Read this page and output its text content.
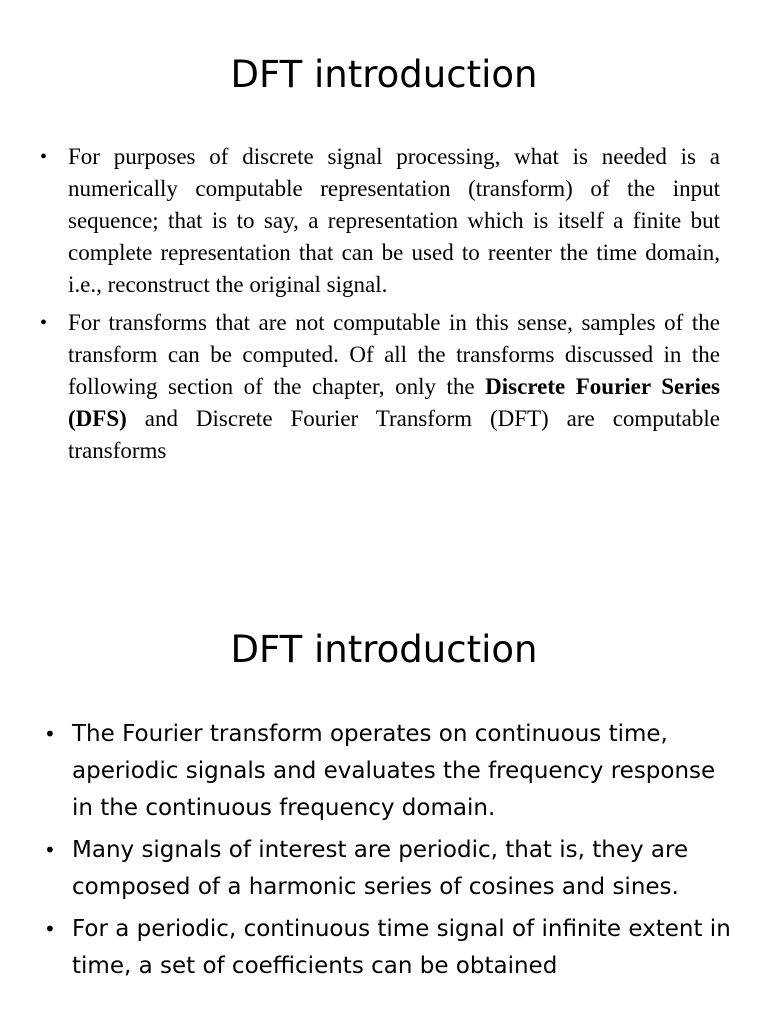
DFT introduction
• For purposes of discrete signal processing, what is needed is a numerically computable representation (transform) of the input sequence; that is to say, a representation which is itself a finite but complete representation that can be used to reenter the time domain, i.e., reconstruct the original signal.
• For transforms that are not computable in this sense, samples of the transform can be computed. Of all the transforms discussed in the following section of the chapter, only the Discrete Fourier Series (DFS) and Discrete Fourier Transform (DFT) are computable transforms
DFT introduction
• The Fourier transform operates on continuous time, aperiodic signals and evaluates the frequency response in the continuous frequency domain.
• Many signals of interest are periodic, that is, they are composed of a harmonic series of cosines and sines.
• For a periodic, continuous time signal of infinite extent in time, a set of coefficients can be obtained
